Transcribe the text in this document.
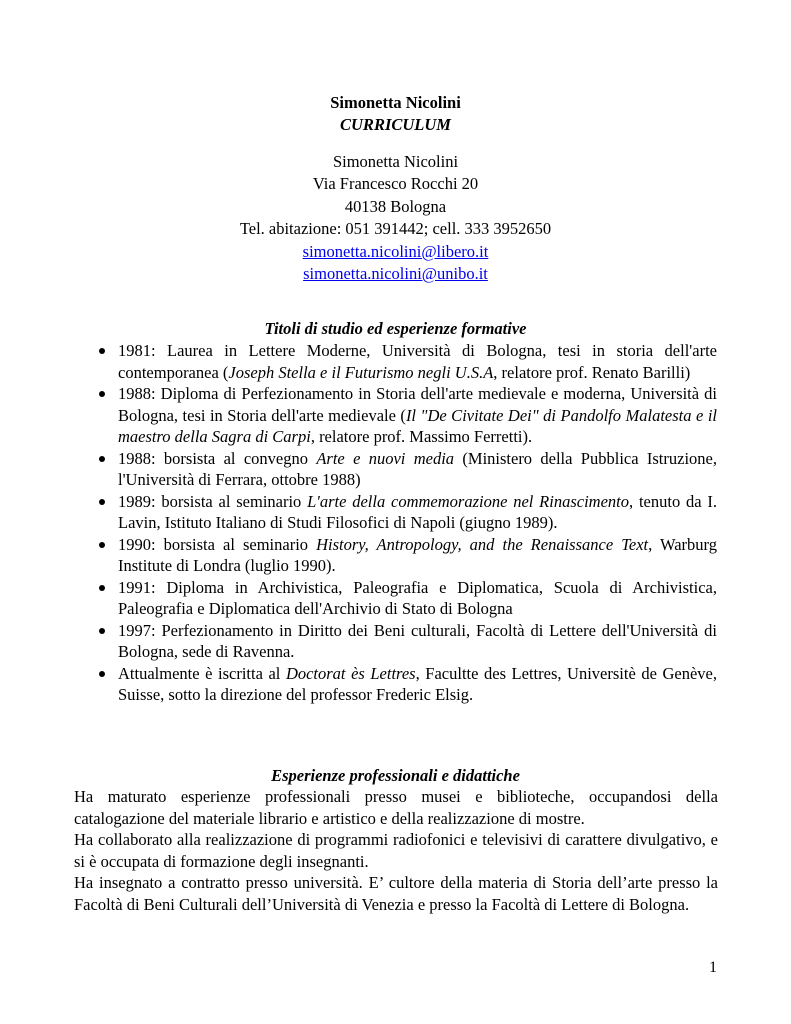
Simonetta Nicolini
CURRICULUM
Simonetta Nicolini
Via Francesco Rocchi 20
40138 Bologna
Tel. abitazione: 051 391442; cell. 333 3952650
simonetta.nicolini@libero.it
simonetta.nicolini@unibo.it
Titoli di studio ed esperienze formative
1981: Laurea in Lettere Moderne, Università di Bologna, tesi in storia dell'arte contemporanea (Joseph Stella e il Futurismo negli U.S.A, relatore prof. Renato Barilli)
1988: Diploma di Perfezionamento in Storia dell'arte medievale e moderna, Università di Bologna, tesi in Storia dell'arte medievale (Il "De Civitate Dei" di Pandolfo Malatesta e il maestro della Sagra di Carpi, relatore prof. Massimo Ferretti).
1988: borsista al convegno Arte e nuovi media (Ministero della Pubblica Istruzione, l'Università di Ferrara, ottobre 1988)
1989: borsista al seminario L'arte della commemorazione nel Rinascimento, tenuto da I. Lavin, Istituto Italiano di Studi Filosofici di Napoli (giugno 1989).
1990: borsista al seminario History, Antropology, and the Renaissance Text, Warburg Institute di Londra (luglio 1990).
1991: Diploma in Archivistica, Paleografia e Diplomatica, Scuola di Archivistica, Paleografia e Diplomatica dell'Archivio di Stato di Bologna
1997: Perfezionamento in Diritto dei Beni culturali, Facoltà di Lettere dell'Università di Bologna, sede di Ravenna.
Attualmente è iscritta al Doctorat ès Lettres, Facultte des Lettres, Universitè de Genève, Suisse, sotto la direzione del professor Frederic Elsig.
Esperienze professionali e didattiche

Ha maturato esperienze professionali presso musei e biblioteche, occupandosi della catalogazione del materiale librario e artistico e della realizzazione di mostre.

Ha collaborato alla realizzazione di programmi radiofonici e televisivi di carattere divulgativo, e si è occupata di formazione degli insegnanti.

Ha insegnato a contratto presso università. E’ cultore della materia di Storia dell’arte presso la Facoltà di Beni Culturali dell’Università di Venezia e presso la Facoltà di Lettere di Bologna.

1
